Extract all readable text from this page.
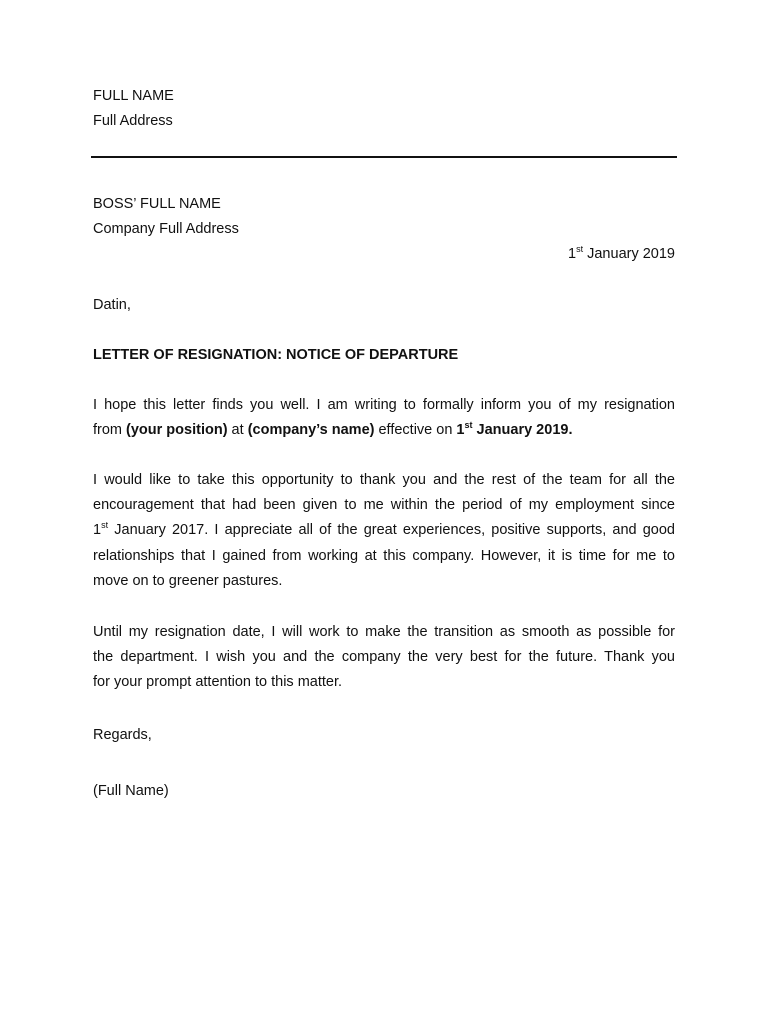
FULL NAME
Full Address
BOSS’ FULL NAME
Company Full Address
1st January 2019
Datin,
LETTER OF RESIGNATION: NOTICE OF DEPARTURE
I hope this letter finds you well. I am writing to formally inform you of my resignation
from (your position) at (company’s name) effective on 1st January 2019.
I would like to take this opportunity to thank you and the rest of the team for all the
encouragement that had been given to me within the period of my employment since
1st January 2017. I appreciate all of the great experiences, positive supports, and good
relationships that I gained from working at this company. However, it is time for me to
move on to greener pastures.
Until my resignation date, I will work to make the transition as smooth as possible for
the department. I wish you and the company the very best for the future. Thank you
for your prompt attention to this matter.
Regards,
(Full Name)
